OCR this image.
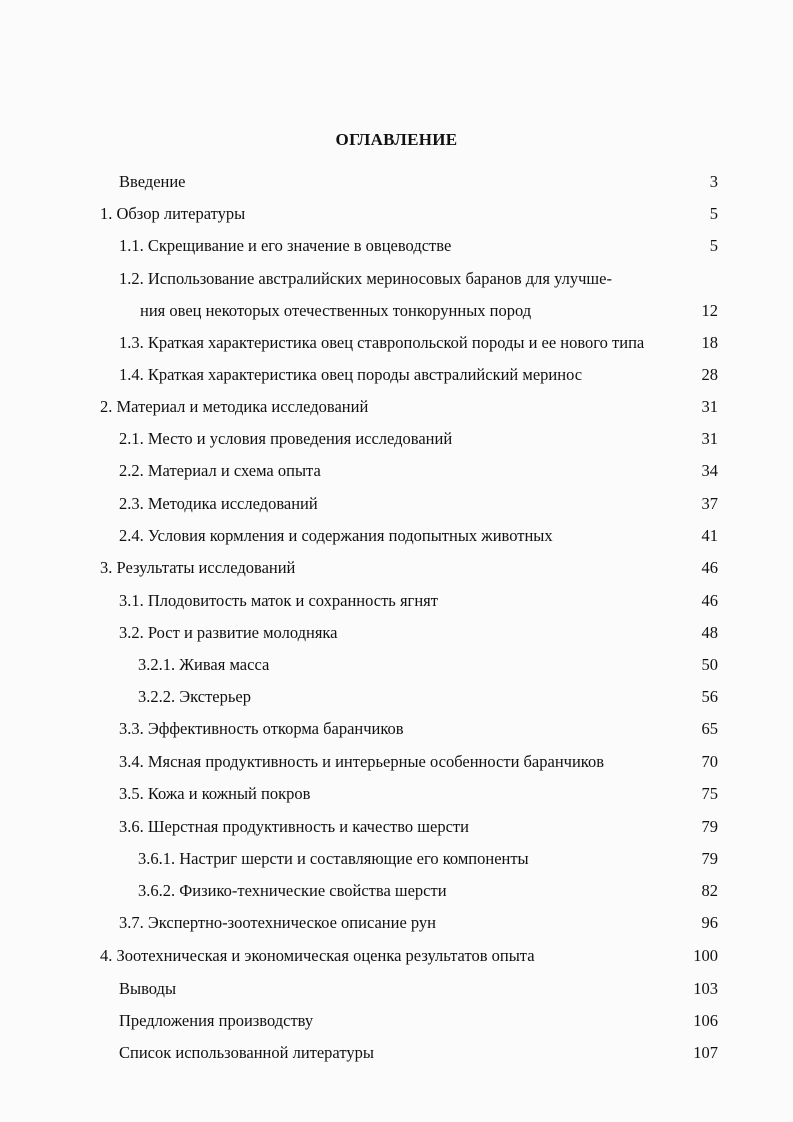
ОГЛАВЛЕНИЕ
Введение	3
1. Обзор литературы	5
1.1. Скрещивание и его значение в овцеводстве	5
1.2. Использование австралийских мериносовых баранов для улучше-
ния овец некоторых отечественных тонкорунных пород	12
1.3. Краткая характеристика овец ставропольской породы и ее нового типа	18
1.4. Краткая характеристика овец породы австралийский меринос	28
2. Материал и методика исследований	31
2.1. Место и условия проведения исследований	31
2.2. Материал и схема опыта	34
2.3. Методика исследований	37
2.4. Условия кормления и содержания подопытных животных	41
3. Результаты исследований	46
3.1. Плодовитость маток и сохранность ягнят	46
3.2. Рост и развитие молодняка	48
3.2.1. Живая масса	50
3.2.2. Экстерьер	56
3.3. Эффективность откорма баранчиков	65
3.4. Мясная продуктивность и интерьерные особенности баранчиков	70
3.5. Кожа и кожный покров	75
3.6. Шерстная продуктивность и качество шерсти	79
3.6.1. Настриг шерсти и составляющие его компоненты	79
3.6.2. Физико-технические свойства шерсти	82
3.7. Экспертно-зоотехническое описание рун	96
4. Зоотехническая и экономическая оценка результатов опыта	100
Выводы	103
Предложения производству	106
Список использованной литературы	107
